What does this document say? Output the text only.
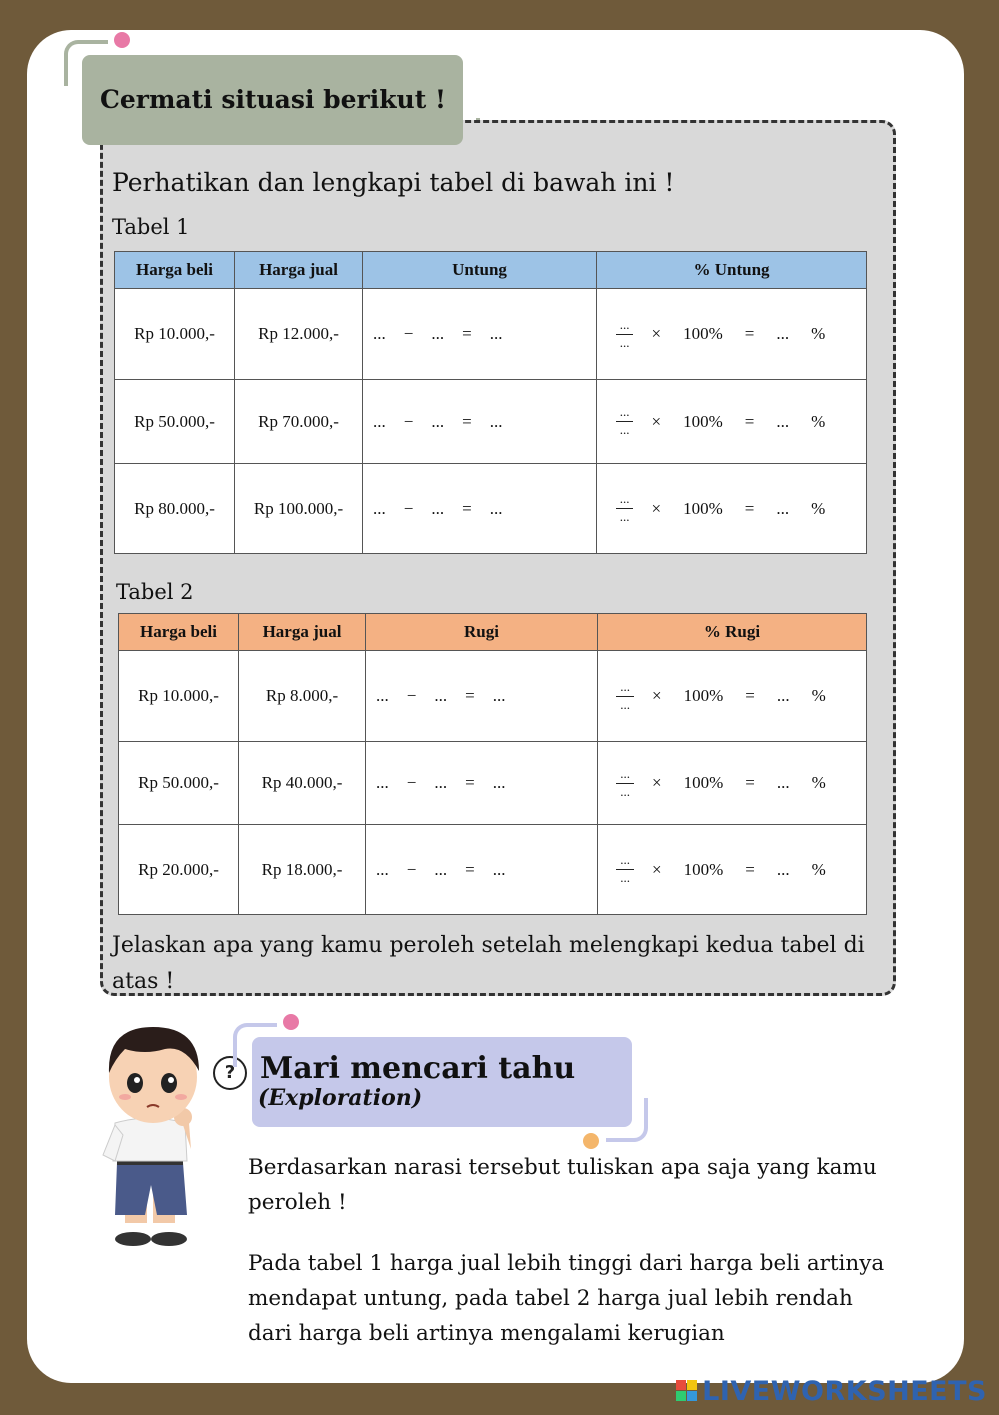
Cermati situasi berikut !
Perhatikan dan lengkapi tabel di bawah ini !
Tabel 1
Harga beli	Harga jual	Untung	% Untung
Rp 10.000,-	Rp 12.000,-	... − ... = ...	$\frac{...}{...} \times 100\%$ = ... %
Rp 50.000,-	Rp 70.000,-	... − ... = ...	$\frac{...}{...} \times 100\%$ = ... %
Rp 80.000,-	Rp 100.000,-	... − ... = ...	$\frac{...}{...} \times 100\%$ = ... %
Tabel 2
Harga beli	Harga jual	Rugi	% Rugi
Rp 10.000,-	Rp 8.000,-	... − ... = ...	$\frac{...}{...} \times 100\%$ = ... %
Rp 50.000,-	Rp 40.000,-	... − ... = ...	$\frac{...}{...} \times 100\%$ = ... %
Rp 20.000,-	Rp 18.000,-	... − ... = ...	$\frac{...}{...} \times 100\%$ = ... %
Jelaskan apa yang kamu peroleh setelah melengkapi kedua tabel di atas !
? Mari mencari tahu
(Exploration)
Berdasarkan narasi tersebut tuliskan apa saja yang kamu peroleh !
Pada tabel 1 harga jual lebih tinggi dari harga beli artinya mendapat untung, pada tabel 2 harga jual lebih rendah dari harga beli artinya mengalami kerugian
LIVEWORKSHEETS
